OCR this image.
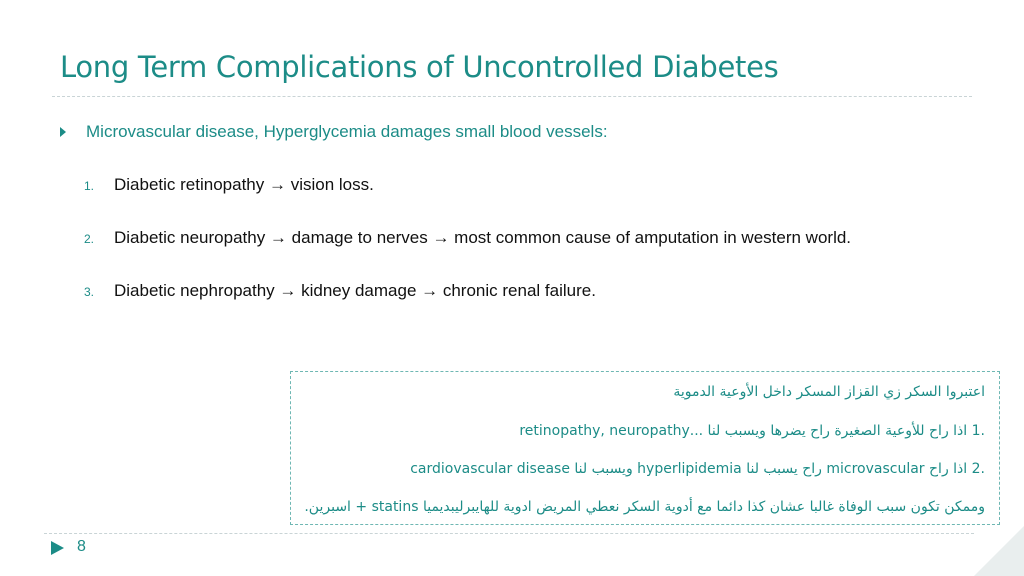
Long Term Complications of Uncontrolled Diabetes
Microvascular disease, Hyperglycemia damages small blood vessels:
1. Diabetic retinopathy → vision loss.
2. Diabetic neuropathy → damage to nerves → most common cause of amputation in western world.
3. Diabetic nephropathy → kidney damage → chronic renal failure.
اعتبروا السكر زي القزاز المسكر داخل الأوعية الدموية
.1 اذا راح للأوعية الصغيرة راح يضرها ويسبب لنا ...retinopathy, neuropathy
.2 اذا راح microvascular راح يسبب لنا hyperlipidemia ويسبب لنا cardiovascular disease
وممكن تكون سبب الوفاة غالبا عشان كذا دائما مع أدوية السكر نعطي المريض ادوية للهايبرليبديميا statins + اسبرين.
8
